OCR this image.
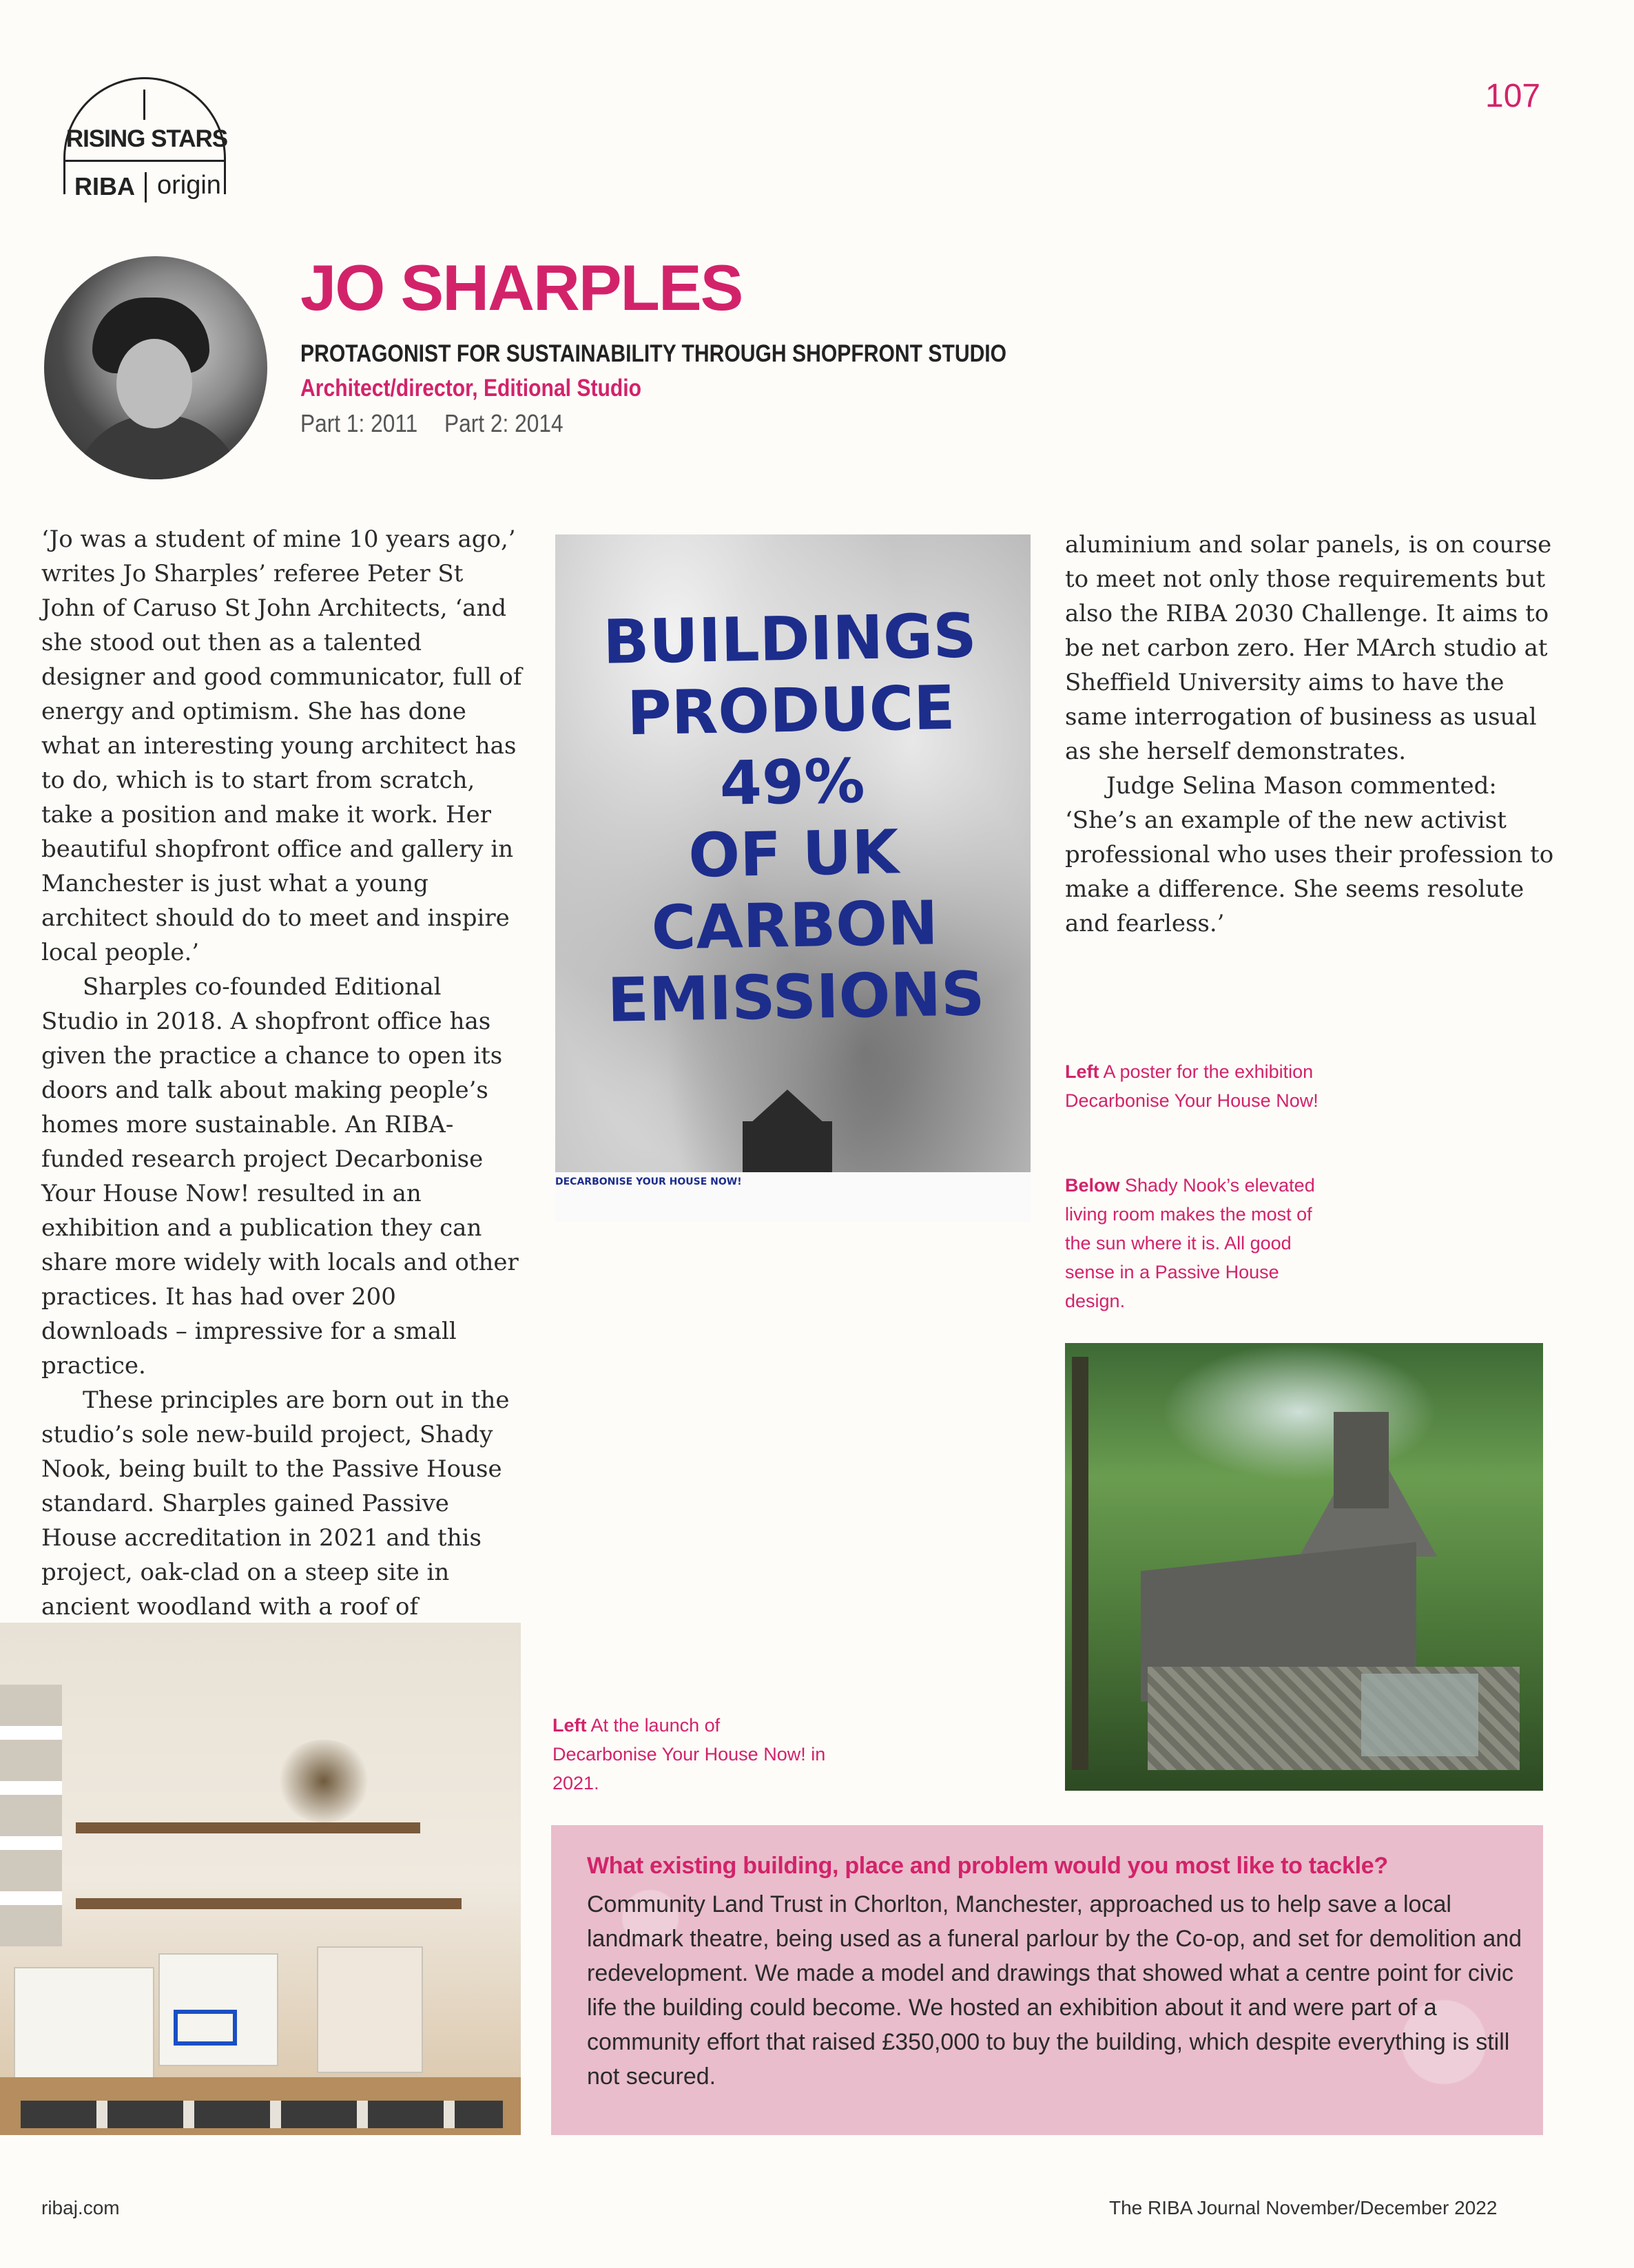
RISING STARS
RIBA origin
107
JO SHARPLES
PROTAGONIST FOR SUSTAINABILITY THROUGH SHOPFRONT STUDIO
Architect/director, Editional Studio
Part 1: 2011 Part 2: 2014

‘Jo was a student of mine 10 years ago,’ writes Jo Sharples’ referee Peter St John of Caruso St John Architects, ‘and she stood out then as a talented designer and good communicator, full of energy and optimism. She has done what an interesting young architect has to do, which is to start from scratch, take a position and make it work. Her beautiful shopfront office and gallery in Manchester is just what a young architect should do to meet and inspire local people.’

Sharples co-founded Editional Studio in 2018. A shopfront office has given the practice a chance to open its doors and talk about making people’s homes more sustainable. An RIBA-funded research project Decarbonise Your House Now! resulted in an exhibition and a publication they can share more widely with locals and other practices. It has had over 200 downloads – impressive for a small practice.

These principles are born out in the studio’s sole new-build project, Shady Nook, being built to the Passive House standard. Sharples gained Passive House accreditation in 2021 and this project, oak-clad on a steep site in ancient woodland with a roof of

BUILDINGS
PRODUCE 49%
OF UK
CARBON
EMISSIONS
DECARBONISE YOUR HOUSE NOW!

aluminium and solar panels, is on course to meet not only those requirements but also the RIBA 2030 Challenge. It aims to be net carbon zero. Her MArch studio at Sheffield University aims to have the same interrogation of business as usual as she herself demonstrates.

Judge Selina Mason commented: ‘She’s an example of the new activist professional who uses their profession to make a difference. She seems resolute and fearless.’

Left A poster for the exhibition Decarbonise Your House Now!
Below Shady Nook’s elevated living room makes the most of the sun where it is. All good sense in a Passive House design.
Left At the launch of Decarbonise Your House Now! in 2021.
What existing building, place and problem would you most like to tackle?
Community Land Trust in Chorlton, Manchester, approached us to help save a local landmark theatre, being used as a funeral parlour by the Co-op, and set for demolition and redevelopment. We made a model and drawings that showed what a centre point for civic life the building could become. We hosted an exhibition about it and were part of a community effort that raised £350,000 to buy the building, which despite everything is still not secured.
ribaj.com	The RIBA Journal November/December 2022
